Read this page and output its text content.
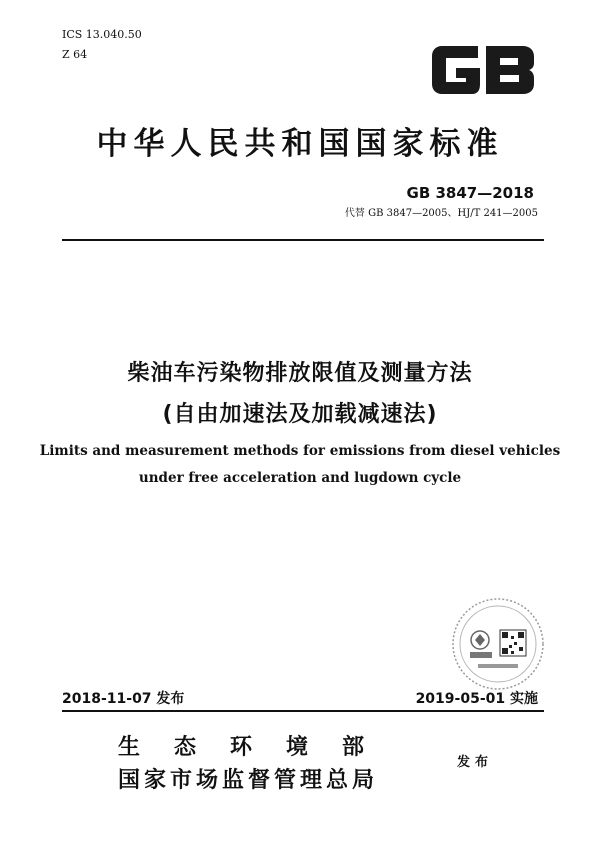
ICS 13.040.50
Z 64
中华人民共和国国家标准
GB 3847—2018
代替 GB 3847—2005、HJ/T 241—2005
柴油车污染物排放限值及测量方法
(自由加速法及加载减速法)
Limits and measurement methods for emissions from diesel vehicles
under free acceleration and lugdown cycle
2018-11-07 发布	2019-05-01 实施
生态环境部
国家市场监督管理总局
发布
